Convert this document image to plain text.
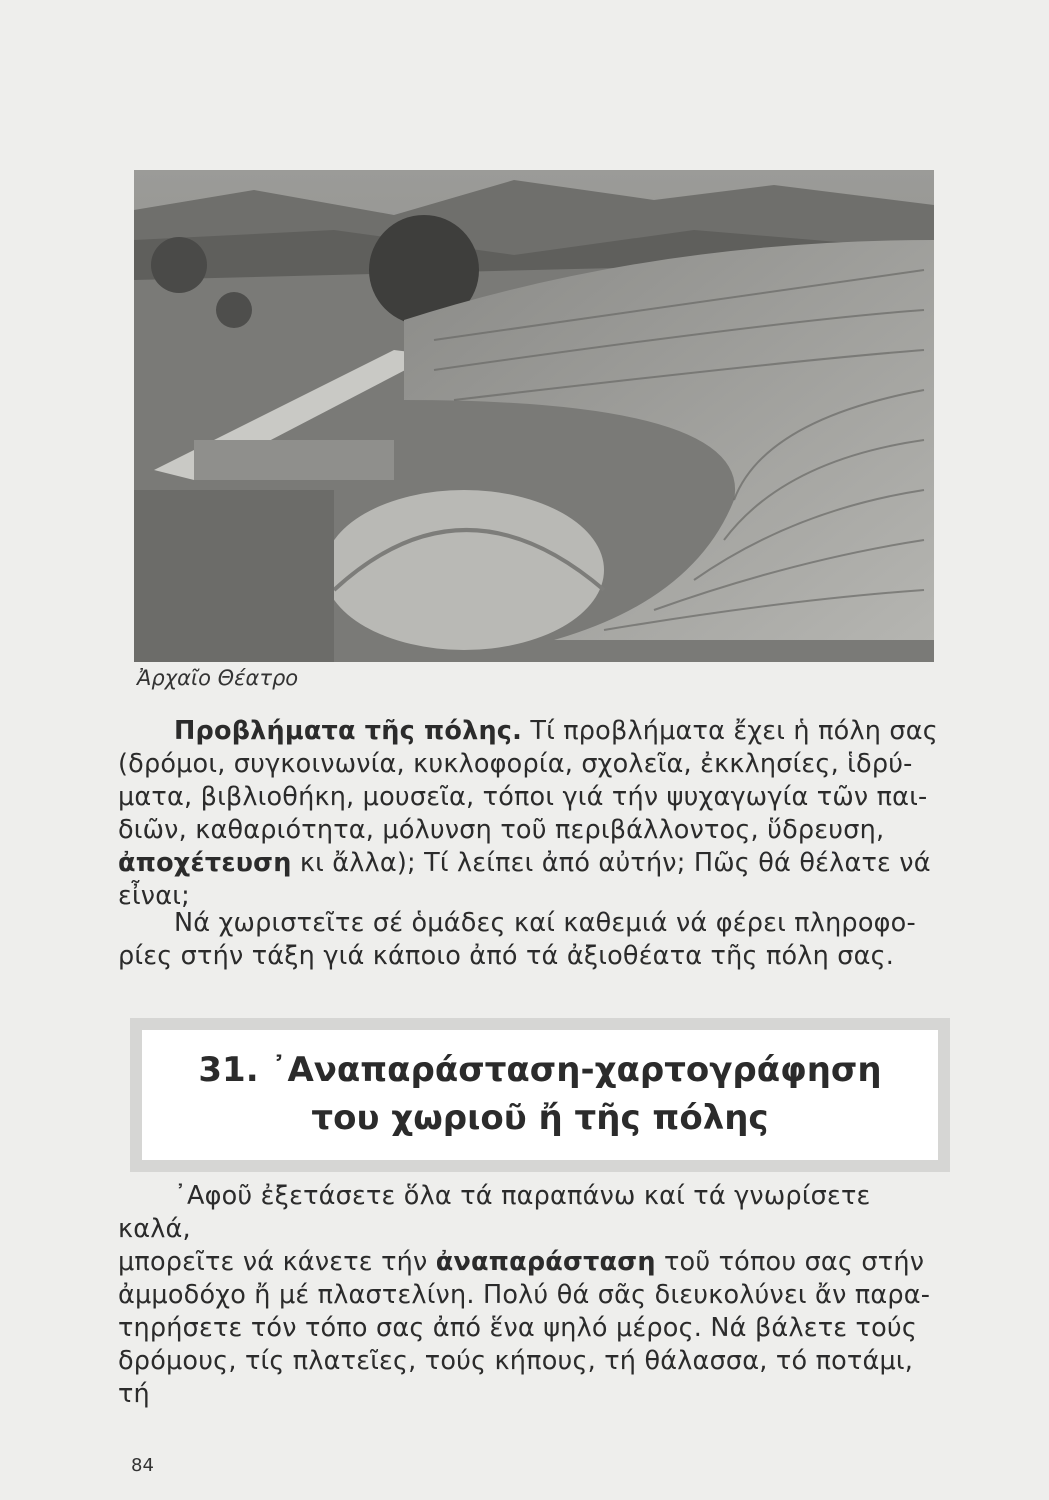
Ἀρχαῖο Θέατρο

Προβλήματα τῆς πόλης. Τί προβλήματα ἔχει ἡ πόλη σας

(δρόμοι, συγκοινωνία, κυκλοφορία, σχολεῖα, ἐκκλησίες, ἱδρύ-

ματα, βιβλιοθήκη, μουσεῖα, τόποι γιά τήν ψυχαγωγία τῶν παι-

διῶν, καθαριότητα, μόλυνση τοῦ περιβάλλοντος, ὕδρευση,

ἀποχέτευση κι ἄλλα); Τί λείπει ἀπό αὐτήν; Πῶς θά θέλατε νά

εἶναι;

Νά χωριστεῖτε σέ ὁμάδες καί καθεμιά νά φέρει πληροφο-

ρίες στήν τάξη γιά κάποιο ἀπό τά ἀξιοθέατα τῆς πόλη σας.

31. ᾿Αναπαράσταση-χαρτογράφηση
του χωριοῦ ἤ τῆς πόλης

᾿Αφοῦ ἐξετάσετε ὅλα τά παραπάνω καί τά γνωρίσετε καλά,

μπορεῖτε νά κάνετε τήν ἀναπαράσταση τοῦ τόπου σας στήν

ἀμμοδόχο ἤ μέ πλαστελίνη. Πολύ θά σᾶς διευκολύνει ἄν παρα-

τηρήσετε τόν τόπο σας ἀπό ἕνα ψηλό μέρος. Νά βάλετε τούς

δρόμους, τίς πλατεῖες, τούς κήπους, τή θάλασσα, τό ποτάμι, τή

84
